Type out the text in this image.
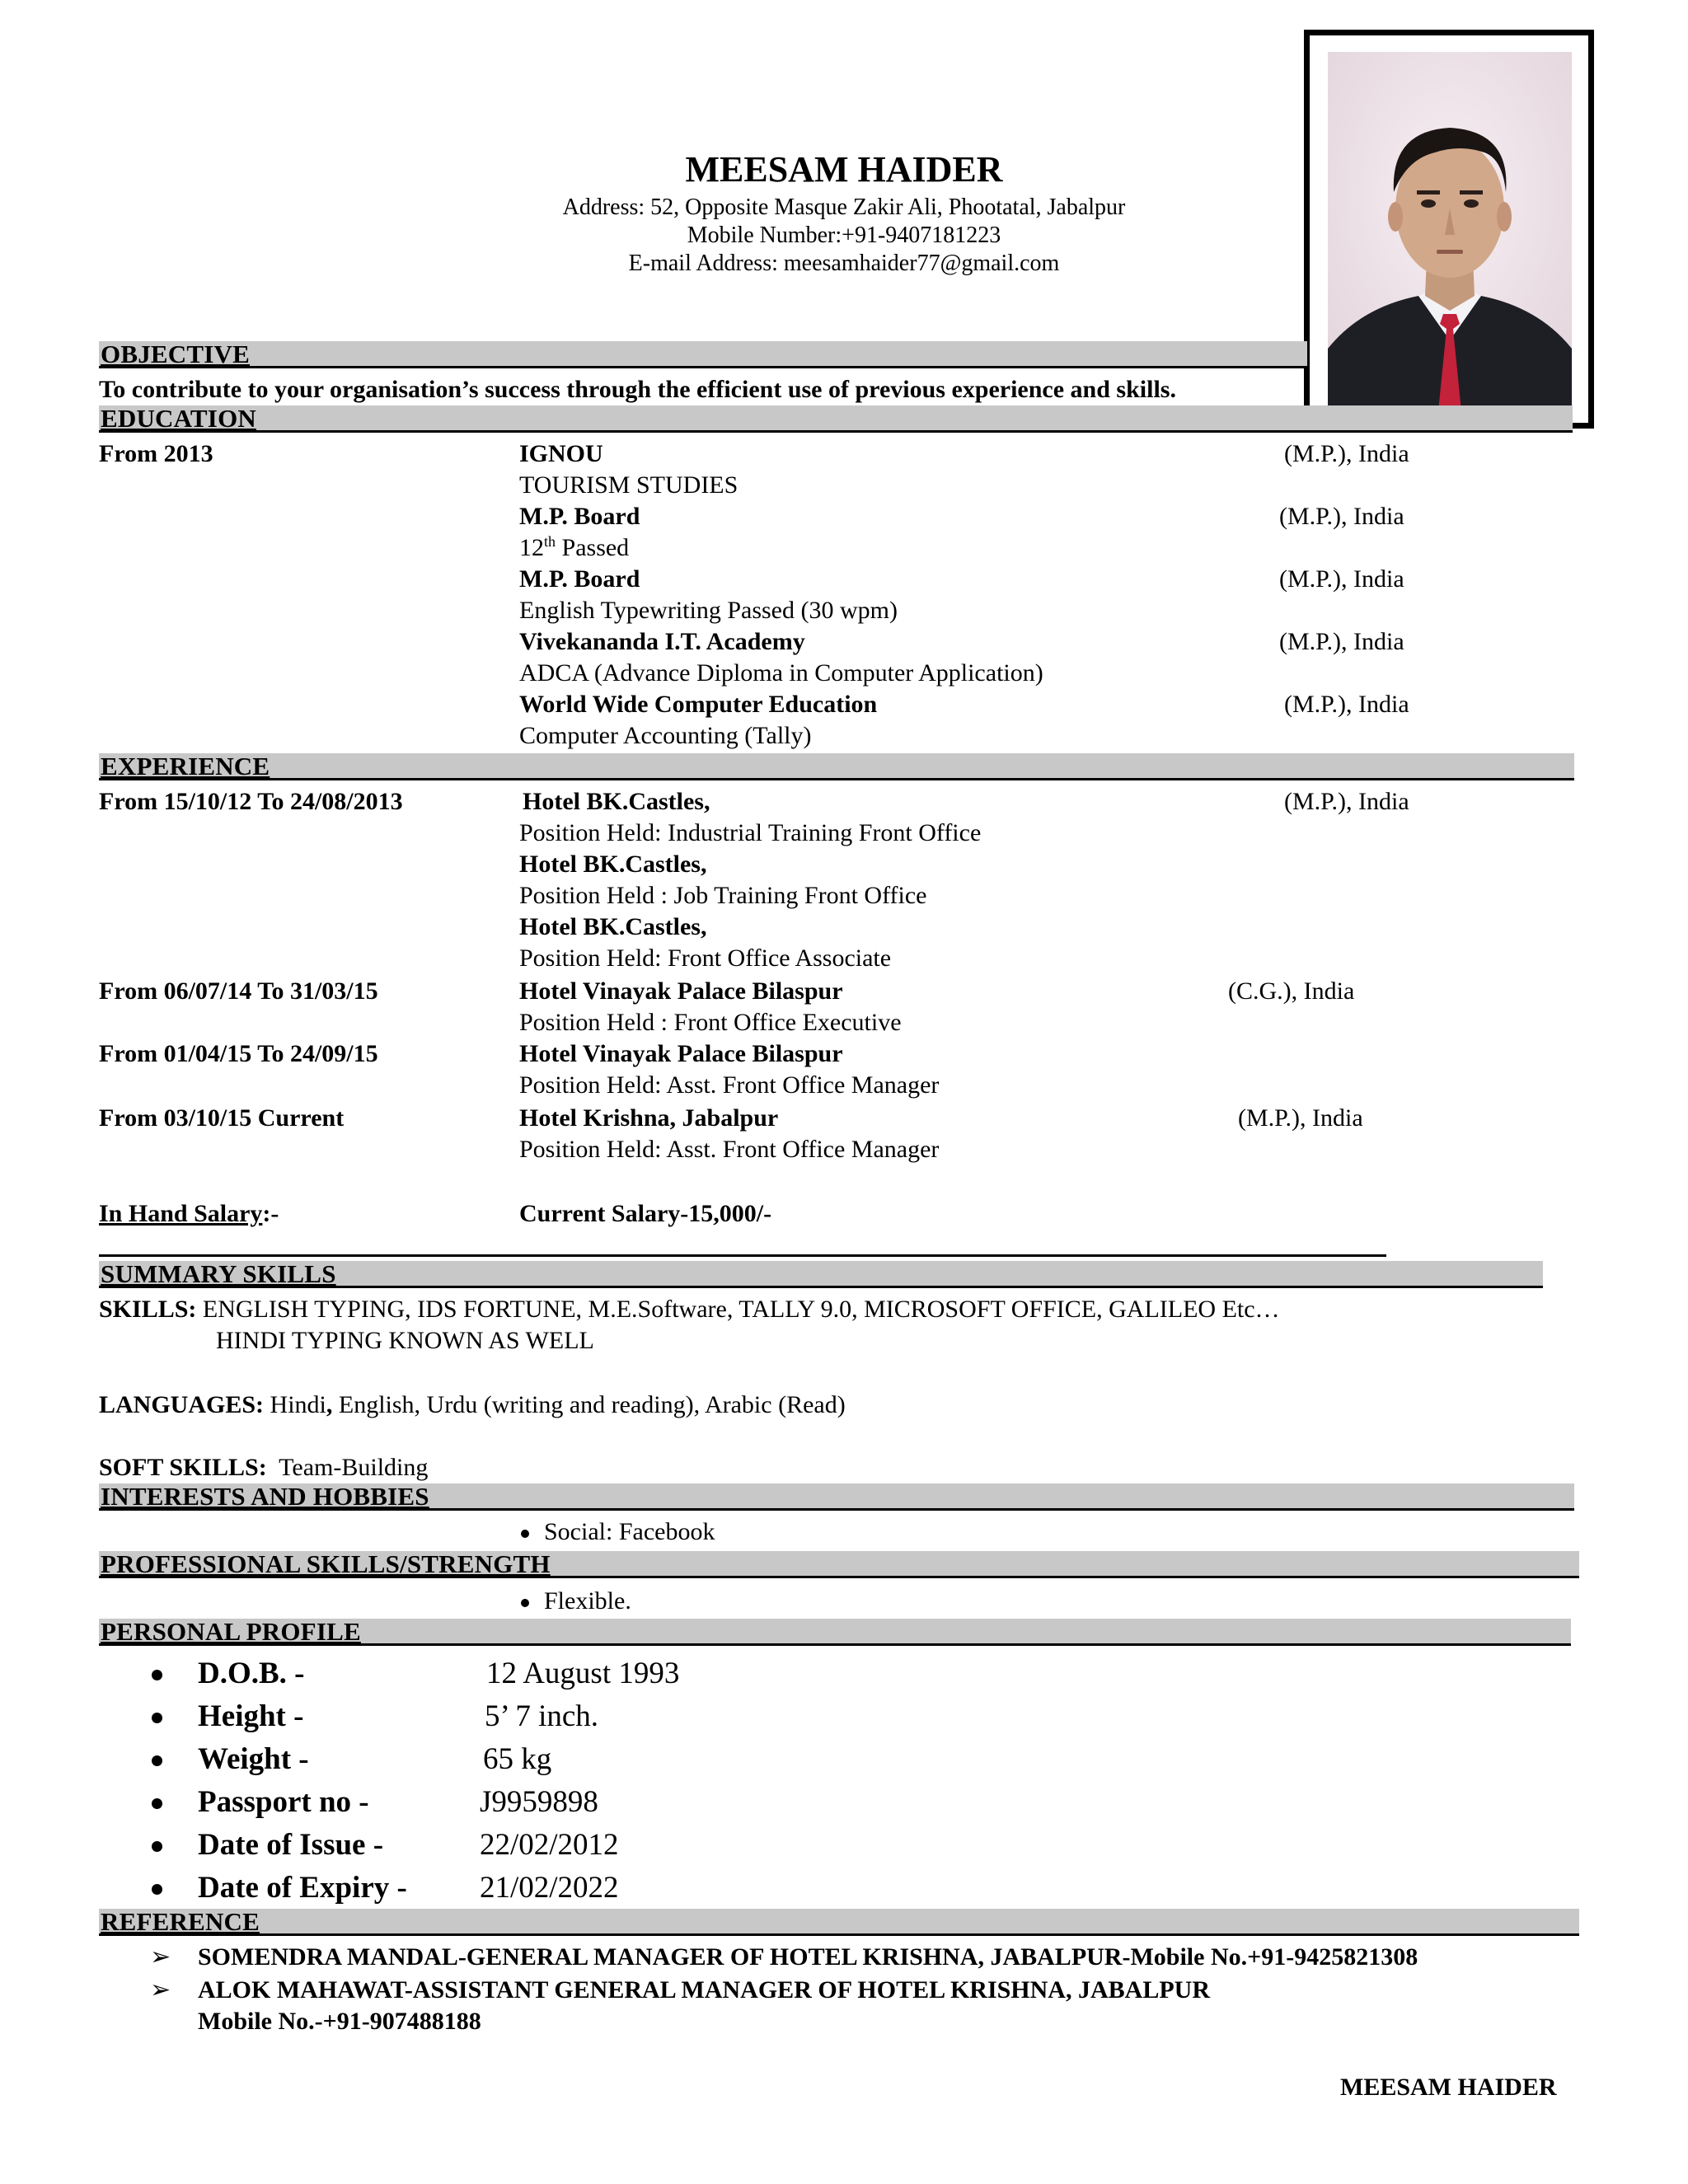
MEESAM HAIDER
Address: 52, Opposite Masque Zakir Ali, Phootatal, Jabalpur
Mobile Number:+91-9407181223
E-mail Address: meesamhaider77@gmail.com
OBJECTIVE
To contribute to your organisation’s success through the efficient use of previous experience and skills.
EDUCATION
From 2013	IGNOU	(M.P.), India
TOURISM STUDIES
M.P. Board	(M.P.), India
12th Passed
M.P. Board	(M.P.), India
English Typewriting Passed (30 wpm)
Vivekananda I.T. Academy	(M.P.), India
ADCA (Advance Diploma in Computer Application)
World Wide Computer Education	(M.P.), India
Computer Accounting (Tally)
EXPERIENCE
From 15/10/12 To 24/08/2013	Hotel BK.Castles,	(M.P.), India
Position Held: Industrial Training Front Office
Hotel BK.Castles,
Position Held : Job Training Front Office
Hotel BK.Castles,
Position Held: Front Office Associate
From 06/07/14 To 31/03/15	Hotel Vinayak Palace Bilaspur	(C.G.), India
Position Held : Front Office Executive
From 01/04/15 To 24/09/15	Hotel Vinayak Palace Bilaspur
Position Held: Asst. Front Office Manager
From 03/10/15 Current	Hotel Krishna, Jabalpur	(M.P.), India
Position Held: Asst. Front Office Manager
In Hand Salary:-	Current Salary-15,000/-
SUMMARY SKILLS
SKILLS: ENGLISH TYPING, IDS FORTUNE, M.E.Software, TALLY 9.0, MICROSOFT OFFICE, GALILEO Etc…
HINDI TYPING KNOWN AS WELL
LANGUAGES: Hindi, English, Urdu (writing and reading), Arabic (Read)
SOFT SKILLS: Team-Building
INTERESTS AND HOBBIES
Social: Facebook
PROFESSIONAL SKILLS/STRENGTH
Flexible.
PERSONAL PROFILE
D.O.B. -	12 August 1993
Height -	5’ 7 inch.
Weight -	65 kg
Passport no -	J9959898
Date of Issue -	22/02/2012
Date of Expiry - 21/02/2022
REFERENCE
➢ SOMENDRA MANDAL-GENERAL MANAGER OF HOTEL KRISHNA, JABALPUR-Mobile No.+91-9425821308
➢ ALOK MAHAWAT-ASSISTANT GENERAL MANAGER OF HOTEL KRISHNA, JABALPUR
Mobile No.-+91-907488188
MEESAM HAIDER
